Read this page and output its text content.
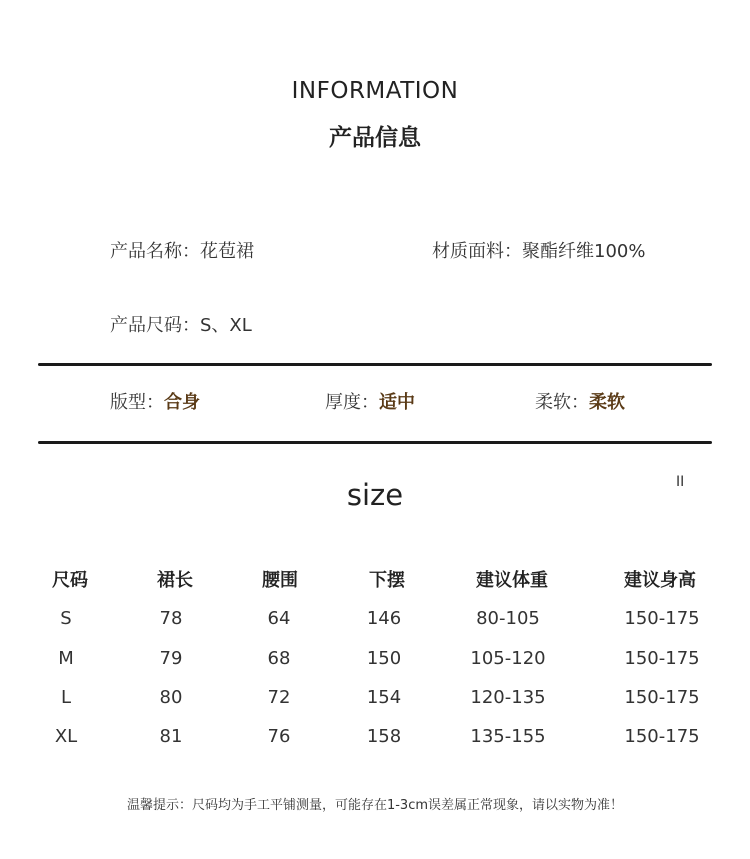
INFORMATION
产品信息
产品名称：花苞裙	材质面料：聚酯纤维100%
产品尺码：S、XL
版型：合身	厚度：适中	柔软：柔软
size	II
尺码	裙长	腰围	下摆	建议体重	建议身高
S	78	64	146	80-105	150-175
M	79	68	150	105-120	150-175
L	80	72	154	120-135	150-175
XL	81	76	158	135-155	150-175
温馨提示：尺码均为手工平铺测量，可能存在1-3cm误差属正常现象，请以实物为准！
